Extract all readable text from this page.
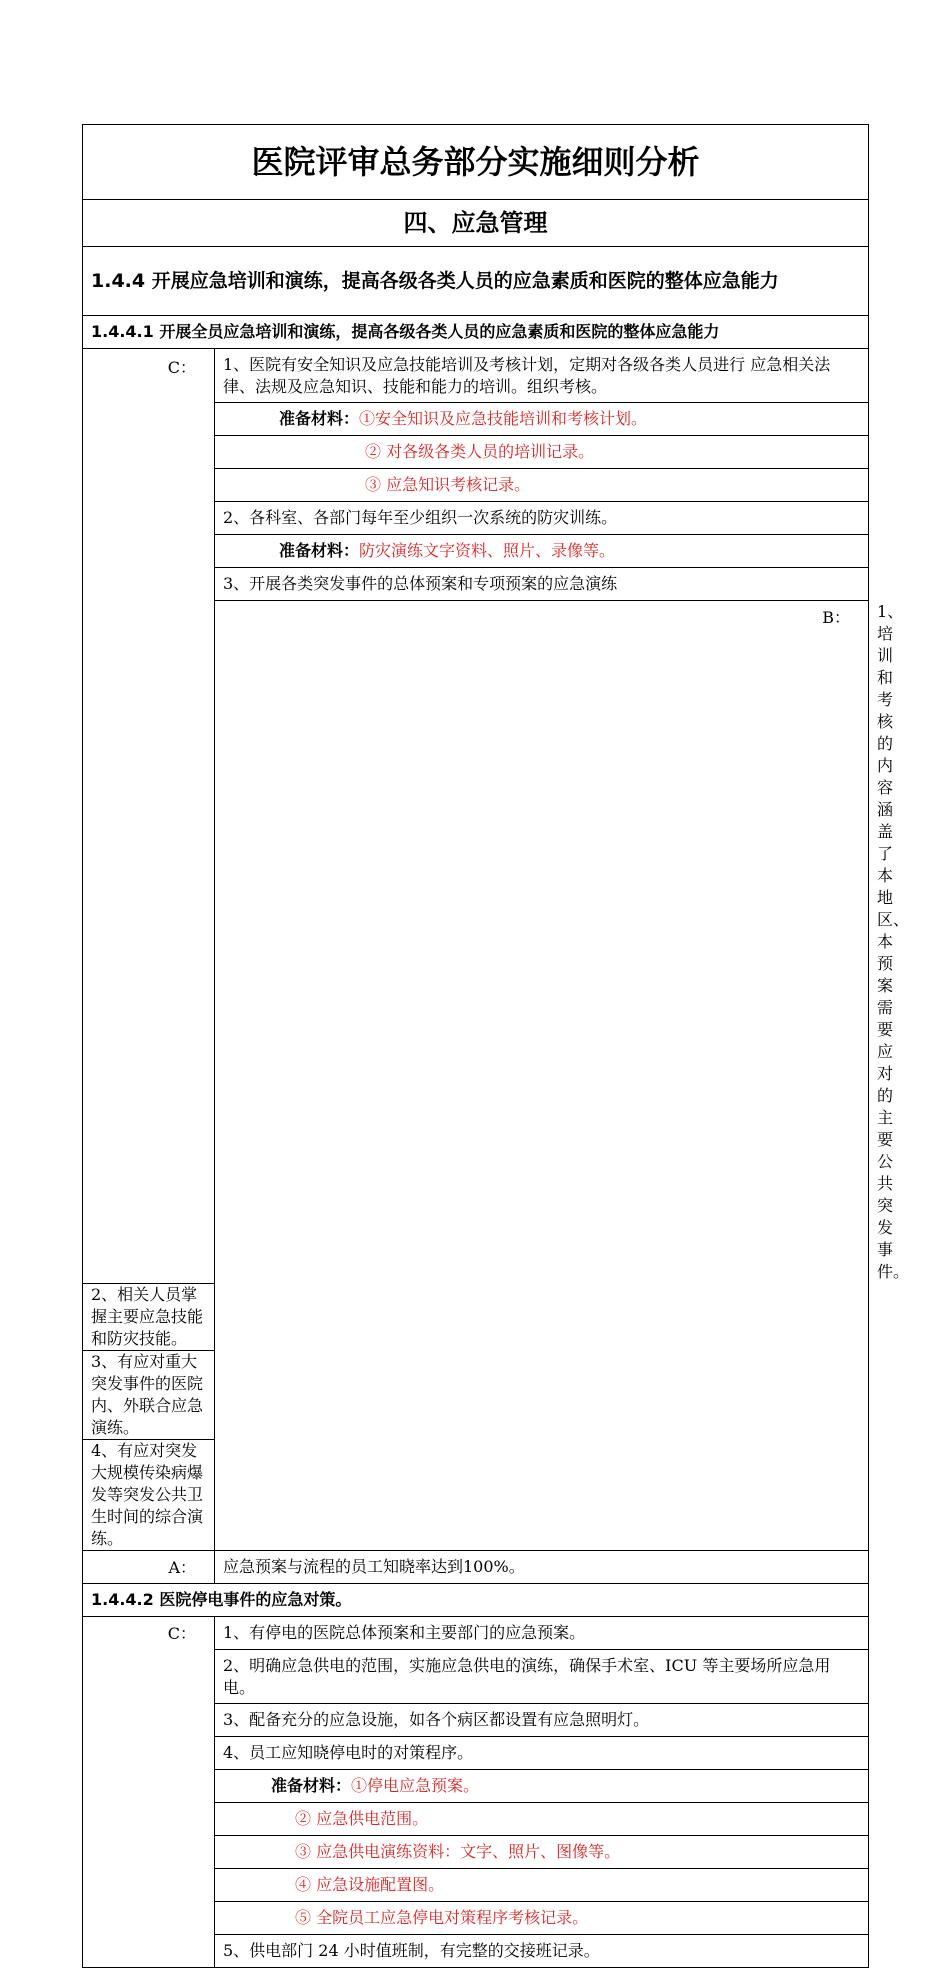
医院评审总务部分实施细则分析		
四、应急管理		
1.4.4 开展应急培训和演练，提高各级各类人员的应急素质和医院的整体应急能力		
1.4.4.1 开展全员应急培训和演练，提高各级各类人员的应急素质和医院的整体应急能力		
C：	1、医院有安全知识及应急技能培训及考核计划，定期对各级各类人员进行 应急相关法律、法规及应急知识、技能和能力的培训。组织考核。	
	准备材料：①安全知识及应急技能培训和考核计划。	
	② 对各级各类人员的培训记录。	
	③ 应急知识考核记录。	
	2、各科室、各部门每年至少组织一次系统的防灾训练。	
	准备材料：防灾演练文字资料、照片、录像等。	
	3、开展各类突发事件的总体预案和专项预案的应急演练	
	B：	1、培训和考核的内容涵盖了本地区、本预案需要应对的主要公共突发事件。
2、相关人员掌握主要应急技能和防灾技能。		
3、有应对重大突发事件的医院内、外联合应急演练。		
4、有应对突发大规模传染病爆发等突发公共卫生时间的综合演练。		
A：	应急预案与流程的员工知晓率达到100%。	
1.4.4.2 医院停电事件的应急对策。		
C：	1、有停电的医院总体预案和主要部门的应急预案。	
	2、明确应急供电的范围，实施应急供电的演练，确保手术室、ICU 等主要场所应急用电。	
	3、配备充分的应急设施，如各个病区都设置有应急照明灯。	
	4、员工应知晓停电时的对策程序。	
	准备材料：①停电应急预案。	
	② 应急供电范围。	
	③ 应急供电演练资料：文字、照片、图像等。	
	④ 应急设施配置图。	
	⑤ 全院员工应急停电对策程序考核记录。	
	5、供电部门 24 小时值班制，有完整的交接班记录。	
